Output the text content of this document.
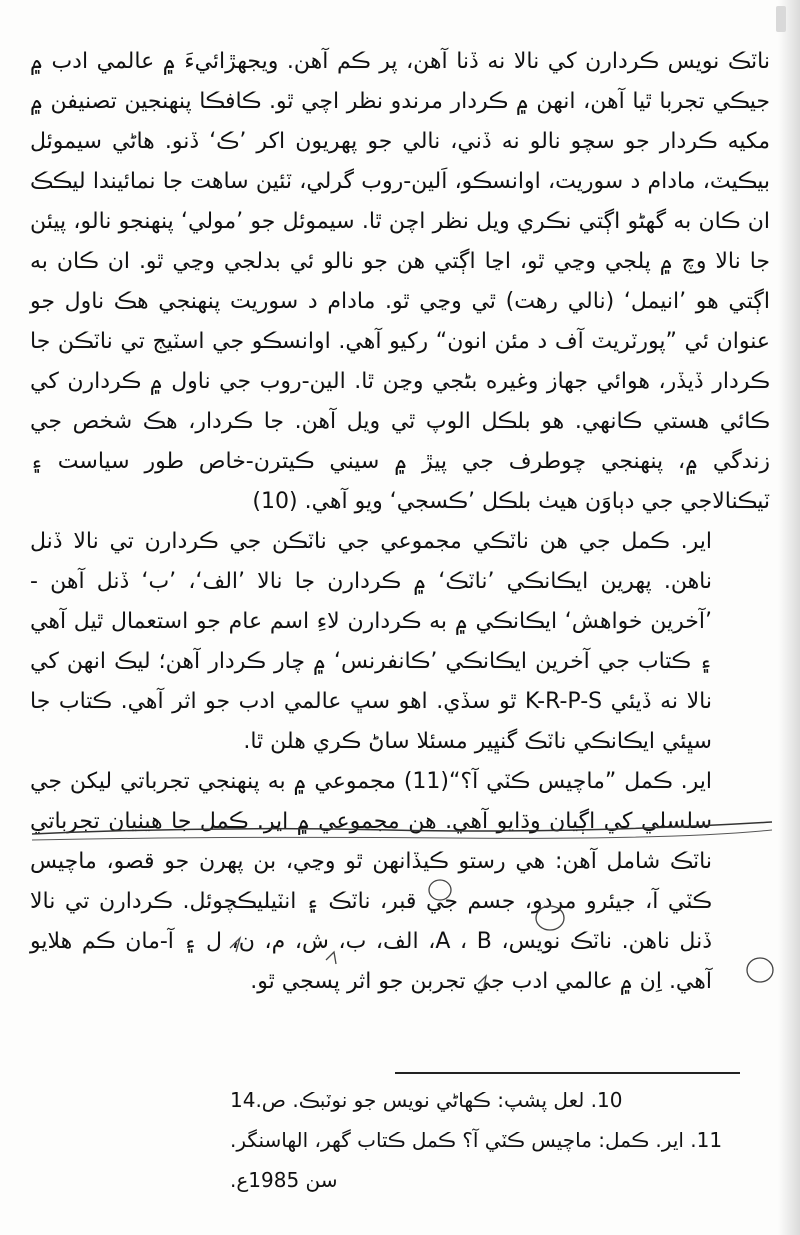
ناٽڪ نويس ڪردارن کي نالا نه ڏنا آهن، پر ڪم آهن. ويجهڙائيءَ ۾ عالمي ادب ۾ جيڪي تجربا ٿيا آهن، انهن ۾ ڪردار مرندو نظر اچي ٿو. ڪافڪا پنهنجين تصنيفن ۾ مکيه ڪردار جو سچو نالو نه ڏني، نالي جو پهريون اکر ’ڪ‘ ڏنو. هاڻي سيموئل بيڪيٽ، مادام د سوريت، اوانسڪو، اَلين-روب گرلي، ٽئين ساهت جا نمائيندا ليڪڪ ان ڪان به گهڻو اڳتي نڪري ويل نظر اچن ٿا. سيموئل جو ’مولي‘ پنهنجو نالو، پيئن جا نالا وچ ۾ پلجي وڃي ٿو، اڃا اڳتي هن جو نالو ئي بدلجي وڃي ٿو. ان ڪان به اڳتي هو ’انيمل‘ (نالي رهت) ٿي وڃي ٿو. مادام د سوريت پنهنجي هڪ ناول جو عنوان ئي ”پورٽريٽ آف د مئن انون“ رکيو آهي. اوانسڪو جي اسٽيج تي ناٽڪن جا ڪردار ڏيڏر، هوائي جهاز وغيره بڻجي وڃن ٿا. الين-روب جي ناول ۾ ڪردارن کي ڪائي هستي ڪانهي. هو بلڪل الوپ ٿي ويل آهن. جا ڪردار، هڪ شخص جي زندگي ۾، پنهنجي چوطرف جي پيڙ ۾ سيني ڪيترن-خاص طور سياست ۽ ٽيڪنالاجي جي دٻاوَن هيٺ بلڪل ’ڪسجي‘ ويو آهي. (10)

اير. ڪمل جي هن ناٽڪي مجموعي جي ناٽڪن جي ڪردارن تي نالا ڏنل ناهن. پهرين ايڪانڪي ’ناٽڪ‘ ۾ ڪردارن جا نالا ’الف‘، ’ب‘ ڏنل آهن - ’آخرين خواهش‘ ايڪانڪي ۾ به ڪردارن لاءِ اسم عام جو استعمال ٿيل آهي ۽ ڪتاب جي آخرين ايڪانڪي ’ڪانفرنس‘ ۾ چار ڪردار آهن؛ ليڪ انهن کي نالا نه ڏيئي K-R-P-S ٿو سڏي. اهو سڀ عالمي ادب جو اثر آهي. ڪتاب جا سڀئي ايڪانڪي ناٽڪ گنڀير مسئلا ساڻ ڪري هلن ٿا.

اير. ڪمل ”ماچيس ڪٽي آ؟“(11) مجموعي ۾ به پنهنجي تجرباتي ليکن جي سلسلي کي اڳيان وڌايو آهي. هن مجموعي ۾ اير. ڪمل جا هيٺيان تجرباتي ناٽڪ شامل آهن: هي رستو ڪيڏانهن ٿو وڃي، بن پهرن جو قصو، ماچيس ڪٽي آ، جيئرو مردو، جسم جي قبر، ناٽڪ ۽ انٽيليڪچوئل. ڪردارن تي نالا ڏنل ناهن. ناٽڪ نويس، A ، B، الف، ب، ش، م، ن، ل ۽ آ-مان ڪم هلايو آهي. اِن ۾ عالمي ادب جي تجربن جو اثر پسجي ٿو.

10. لعل پشپ: ڪهاڻي نويس جو نوٽبڪ. ص.14
11. اير. ڪمل: ماچيس ڪٽي آ؟ ڪمل ڪتاب گهر، الهاسنگر. سن 1985ع.
